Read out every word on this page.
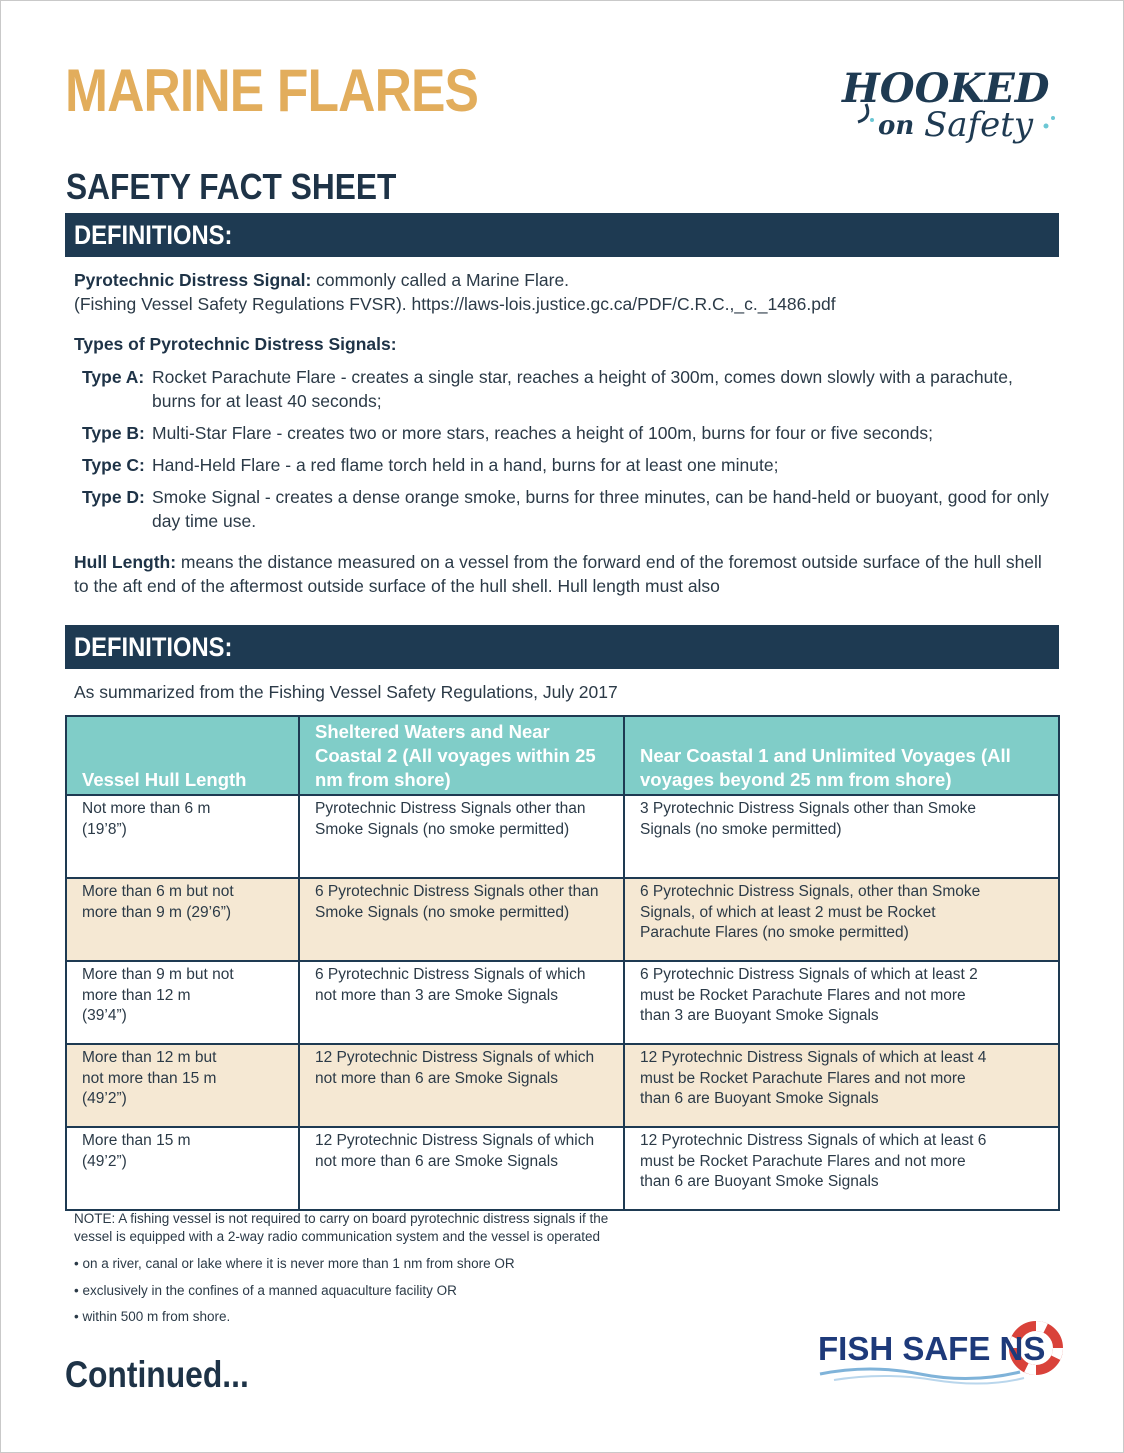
MARINE FLARES	HOOKED
on Safety
SAFETY FACT SHEET
DEFINITIONS:
Pyrotechnic Distress Signal: commonly called a Marine Flare.
(Fishing Vessel Safety Regulations FVSR). https://laws-lois.justice.gc.ca/PDF/C.R.C.,_c._1486.pdf
Types of Pyrotechnic Distress Signals:
Type A: Rocket Parachute Flare - creates a single star, reaches a height of 300m, comes down slowly with a parachute, burns for at least 40 seconds;
Type B: Multi-Star Flare - creates two or more stars, reaches a height of 100m, burns for four or five seconds;
Type C: Hand-Held Flare - a red flame torch held in a hand, burns for at least one minute;
Type D: Smoke Signal - creates a dense orange smoke, burns for three minutes, can be hand-held or buoyant, good for only day time use.
Hull Length: means the distance measured on a vessel from the forward end of the foremost outside surface of the hull shell to the aft end of the aftermost outside surface of the hull shell. Hull length must also
DEFINITIONS:
As summarized from the Fishing Vessel Safety Regulations, July 2017
Vessel Hull Length	Sheltered Waters and Near Coastal 2 (All voyages within 25 nm from shore)	Near Coastal 1 and Unlimited Voyages (All voyages beyond 25 nm from shore)
Not more than 6 m (19’8”)	Pyrotechnic Distress Signals other than Smoke Signals (no smoke permitted)	3 Pyrotechnic Distress Signals other than Smoke Signals (no smoke permitted)
More than 6 m but not more than 9 m (29’6”)	6 Pyrotechnic Distress Signals other than Smoke Signals (no smoke permitted)	6 Pyrotechnic Distress Signals, other than Smoke Signals, of which at least 2 must be Rocket Parachute Flares (no smoke permitted)
More than 9 m but not more than 12 m (39’4”)	6 Pyrotechnic Distress Signals of which not more than 3 are Smoke Signals	6 Pyrotechnic Distress Signals of which at least 2 must be Rocket Parachute Flares and not more than 3 are Buoyant Smoke Signals
More than 12 m but not more than 15 m (49’2”)	12 Pyrotechnic Distress Signals of which not more than 6 are Smoke Signals	12 Pyrotechnic Distress Signals of which at least 4 must be Rocket Parachute Flares and not more than 6 are Buoyant Smoke Signals
More than 15 m (49’2”)	12 Pyrotechnic Distress Signals of which not more than 6 are Smoke Signals	12 Pyrotechnic Distress Signals of which at least 6 must be Rocket Parachute Flares and not more than 6 are Buoyant Smoke Signals
NOTE: A fishing vessel is not required to carry on board pyrotechnic distress signals if the vessel is equipped with a 2-way radio communication system and the vessel is operated
• on a river, canal or lake where it is never more than 1 nm from shore OR
• exclusively in the confines of a manned aquaculture facility OR
• within 500 m from shore.
Continued...
FISH SAFE NS
